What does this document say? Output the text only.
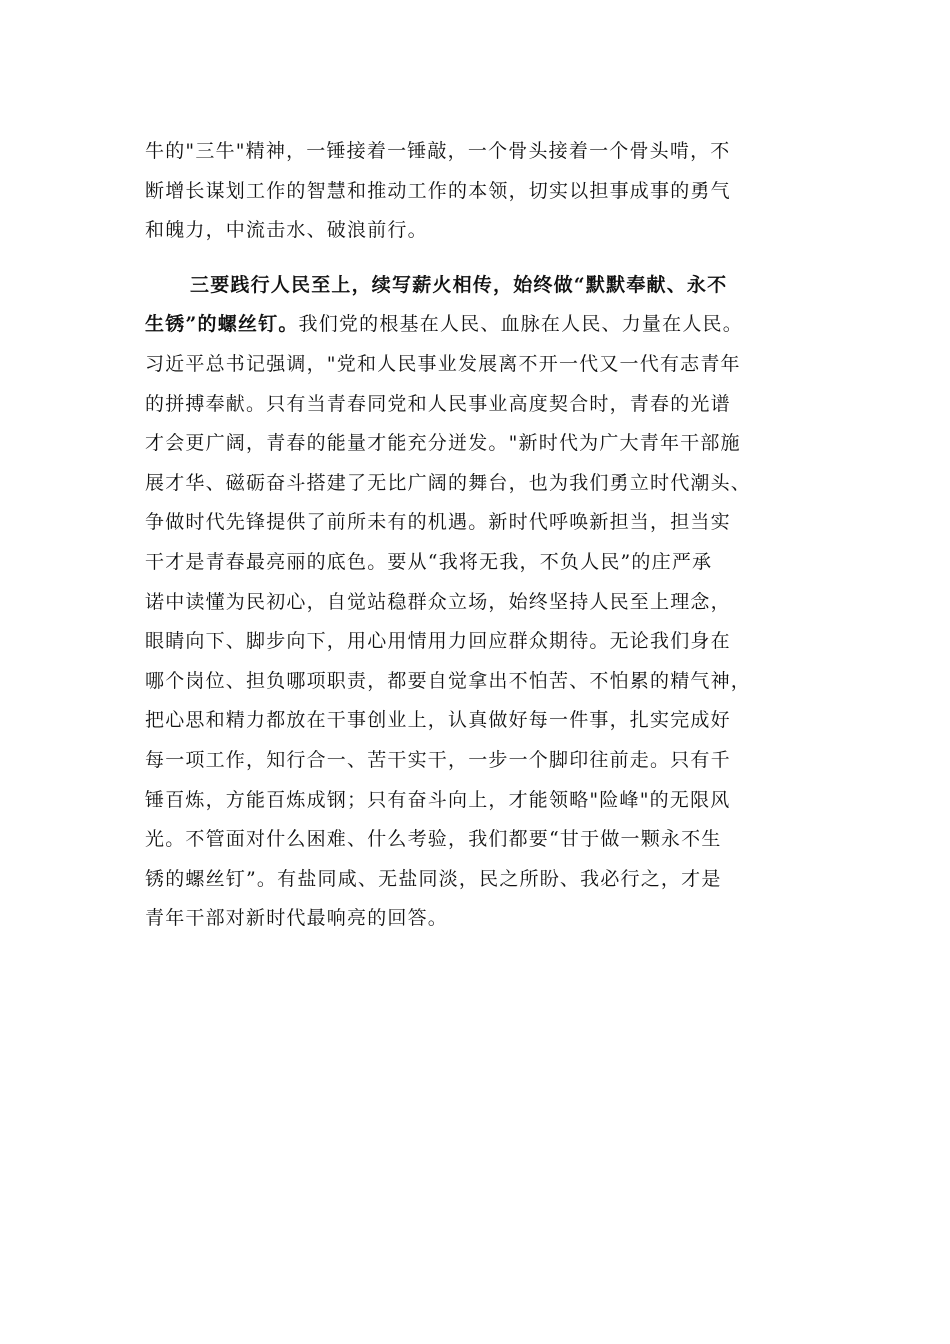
牛的"三牛"精神，一锤接着一锤敲，一个骨头接着一个骨头啃，不
断增长谋划工作的智慧和推动工作的本领，切实以担事成事的勇气
和魄力，中流击水、破浪前行。
三要践行人民至上，续写薪火相传，始终做“默默奉献、永不
生锈”的螺丝钉。我们党的根基在人民、血脉在人民、力量在人民。
习近平总书记强调，"党和人民事业发展离不开一代又一代有志青年
的拼搏奉献。只有当青春同党和人民事业高度契合时，青春的光谱
才会更广阔，青春的能量才能充分迸发。"新时代为广大青年干部施
展才华、磁砺奋斗搭建了无比广阔的舞台，也为我们勇立时代潮头、
争做时代先锋提供了前所未有的机遇。新时代呼唤新担当，担当实
干才是青春最亮丽的底色。要从“我将无我，不负人民”的庄严承
诺中读懂为民初心，自觉站稳群众立场，始终坚持人民至上理念，
眼睛向下、脚步向下，用心用情用力回应群众期待。无论我们身在
哪个岗位、担负哪项职责，都要自觉拿出不怕苦、不怕累的精气神，
把心思和精力都放在干事创业上，认真做好每一件事，扎实完成好
每一项工作，知行合一、苦干实干，一步一个脚印往前走。只有千
锤百炼，方能百炼成钢；只有奋斗向上，才能领略"险峰"的无限风
光。不管面对什么困难、什么考验，我们都要“甘于做一颗永不生
锈的螺丝钉”。有盐同咸、无盐同淡，民之所盼、我必行之，才是
青年干部对新时代最响亮的回答。
